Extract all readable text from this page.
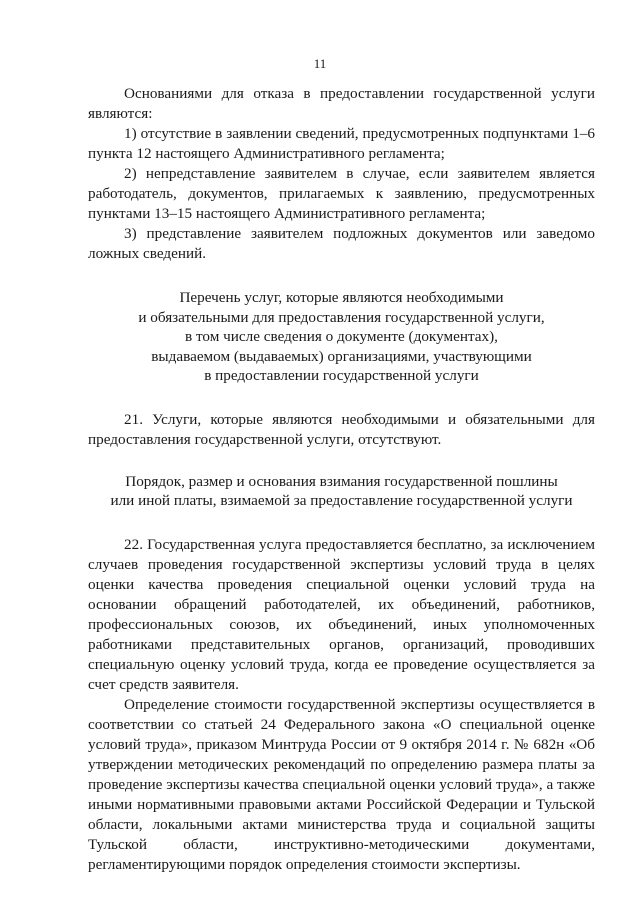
11

Основаниями для отказа в предоставлении государственной услуги являются:

1) отсутствие в заявлении сведений, предусмотренных подпунктами 1–6 пункта 12 настоящего Административного регламента;

2) непредставление заявителем в случае, если заявителем является работодатель, документов, прилагаемых к заявлению, предусмотренных пунктами 13–15 настоящего Административного регламента;

3) представление заявителем подложных документов или заведомо ложных сведений.

Перечень услуг, которые являются необходимыми
и обязательными для предоставления государственной услуги,
в том числе сведения о документе (документах),
выдаваемом (выдаваемых) организациями, участвующими
в предоставлении государственной услуги

21. Услуги, которые являются необходимыми и обязательными для предоставления государственной услуги, отсутствуют.

Порядок, размер и основания взимания государственной пошлины
или иной платы, взимаемой за предоставление государственной услуги

22. Государственная услуга предоставляется бесплатно, за исключением случаев проведения государственной экспертизы условий труда в целях оценки качества проведения специальной оценки условий труда на основании обращений работодателей, их объединений, работников, профессиональных союзов, их объединений, иных уполномоченных работниками представительных органов, организаций, проводивших специальную оценку условий труда, когда ее проведение осуществляется за счет средств заявителя.

Определение стоимости государственной экспертизы осуществляется в соответствии со статьей 24 Федерального закона «О специальной оценке условий труда», приказом Минтруда России от 9 октября 2014 г. № 682н «Об утверждении методических рекомендаций по определению размера платы за проведение экспертизы качества специальной оценки условий труда», а также иными нормативными правовыми актами Российской Федерации и Тульской области, локальными актами министерства труда и социальной защиты Тульской области, инструктивно-методическими документами, регламентирующими порядок определения стоимости экспертизы.
